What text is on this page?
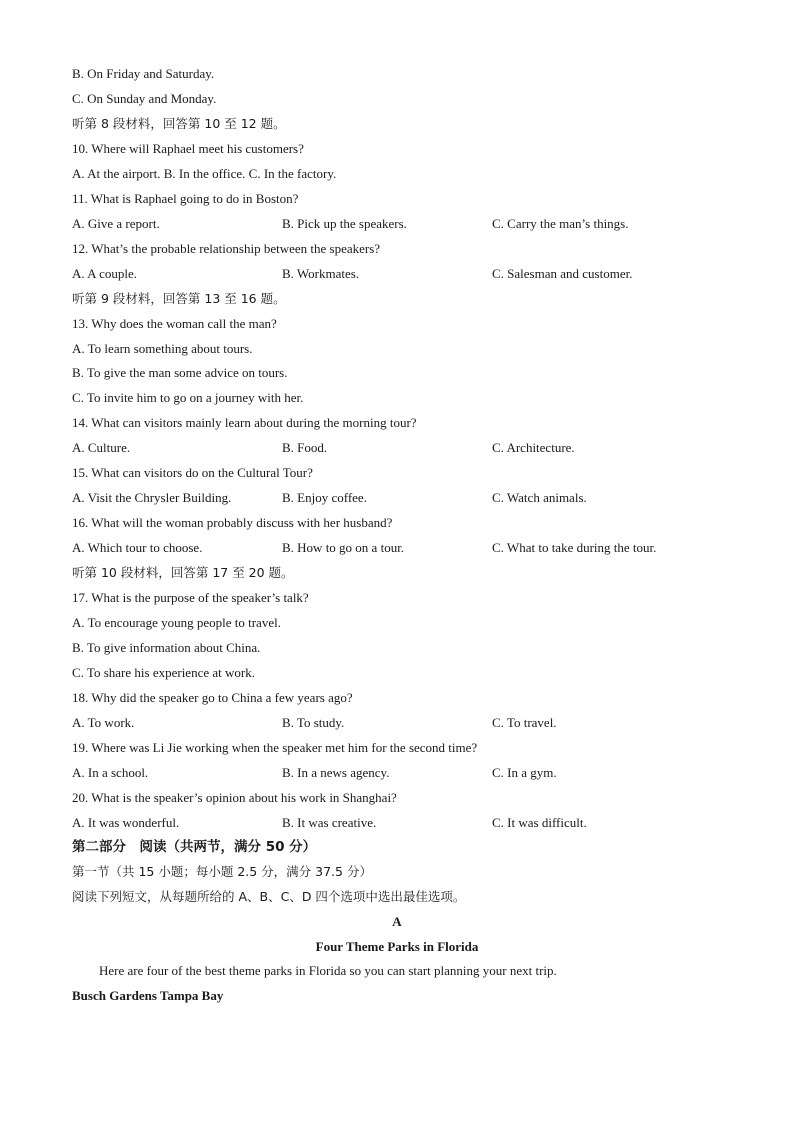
B. On Friday and Saturday.
C. On Sunday and Monday.
听第 8 段材料，回答第 10 至 12 题。
10. Where will Raphael meet his customers?
A. At the airport. B. In the office. C. In the factory.
11. What is Raphael going to do in Boston?
A. Give a report.	B. Pick up the speakers.	C. Carry the man’s things.
12. What’s the probable relationship between the speakers?
A. A couple.	B. Workmates.	C. Salesman and customer.
听第 9 段材料，回答第 13 至 16 题。
13. Why does the woman call the man?
A. To learn something about tours.
B. To give the man some advice on tours.
C. To invite him to go on a journey with her.
14. What can visitors mainly learn about during the morning tour?
A. Culture.	B. Food.	C. Architecture.
15. What can visitors do on the Cultural Tour?
A. Visit the Chrysler Building.	B. Enjoy coffee.	C. Watch animals.
16. What will the woman probably discuss with her husband?
A. Which tour to choose.	B. How to go on a tour.	C. What to take during the tour.
听第 10 段材料，回答第 17 至 20 题。
17. What is the purpose of the speaker’s talk?
A. To encourage young people to travel.
B. To give information about China.
C. To share his experience at work.
18. Why did the speaker go to China a few years ago?
A. To work.	B. To study.	C. To travel.
19. Where was Li Jie working when the speaker met him for the second time?
A. In a school.	B. In a news agency.	C. In a gym.
20. What is the speaker’s opinion about his work in Shanghai?
A. It was wonderful.	B. It was creative.	C. It was difficult.
第二部分　阅读（共两节，满分 50 分）
第一节（共 15 小题；每小题 2.5 分，满分 37.5 分）
阅读下列短文，从每题所给的 A、B、C、D 四个选项中选出最佳选项。
A
Four Theme Parks in Florida
Here are four of the best theme parks in Florida so you can start planning your next trip.
Busch Gardens Tampa Bay
